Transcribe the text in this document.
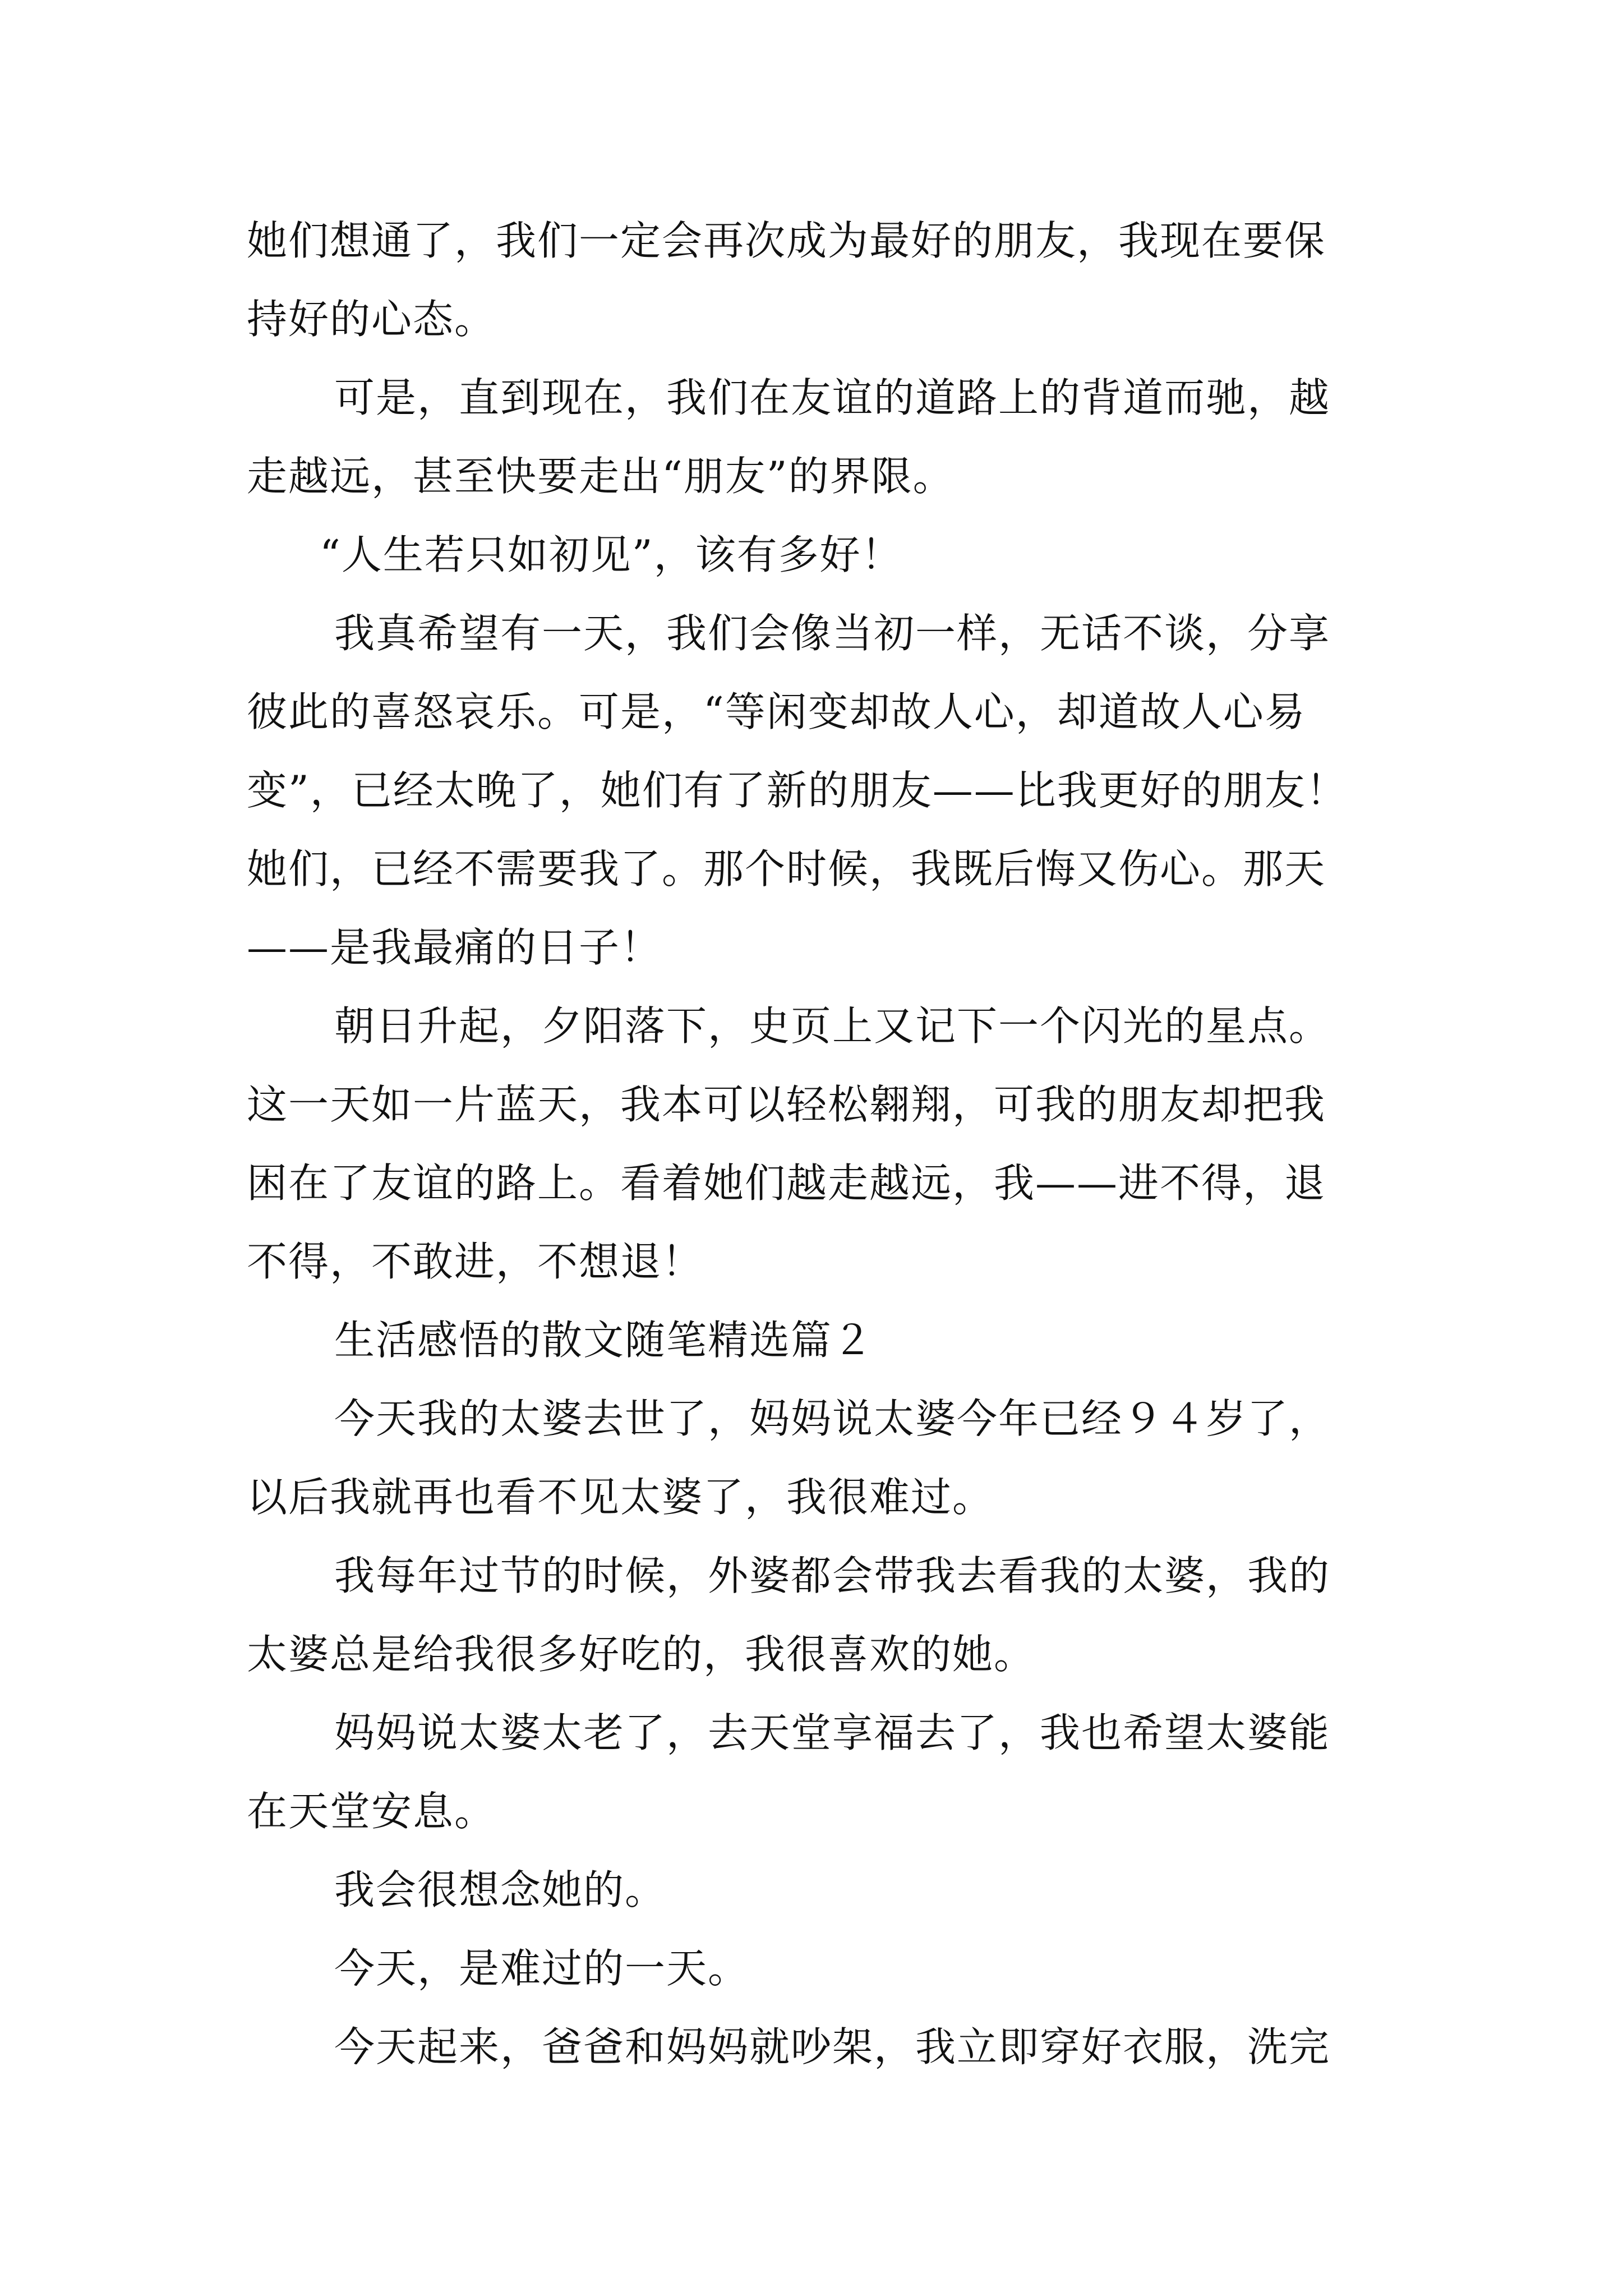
她们想通了，我们一定会再次成为最好的朋友，我现在要保
持好的心态。
可是，直到现在，我们在友谊的道路上的背道而驰，越
走越远，甚至快要走出“朋友”的界限。
“人生若只如初见”，该有多好！
我真希望有一天，我们会像当初一样，无话不谈，分享
彼此的喜怒哀乐。可是，“等闲变却故人心，却道故人心易
变”，已经太晚了，她们有了新的朋友——比我更好的朋友！
她们，已经不需要我了。那个时候，我既后悔又伤心。那天
——是我最痛的日子！
朝日升起，夕阳落下，史页上又记下一个闪光的星点。
这一天如一片蓝天，我本可以轻松翱翔，可我的朋友却把我
困在了友谊的路上。看着她们越走越远，我——进不得，退
不得，不敢进，不想退！
生活感悟的散文随笔精选篇２
今天我的太婆去世了，妈妈说太婆今年已经９４岁了，
以后我就再也看不见太婆了，我很难过。
我每年过节的时候，外婆都会带我去看我的太婆，我的
太婆总是给我很多好吃的，我很喜欢的她。
妈妈说太婆太老了，去天堂享福去了，我也希望太婆能
在天堂安息。
我会很想念她的。
今天，是难过的一天。
今天起来，爸爸和妈妈就吵架，我立即穿好衣服，洗完
